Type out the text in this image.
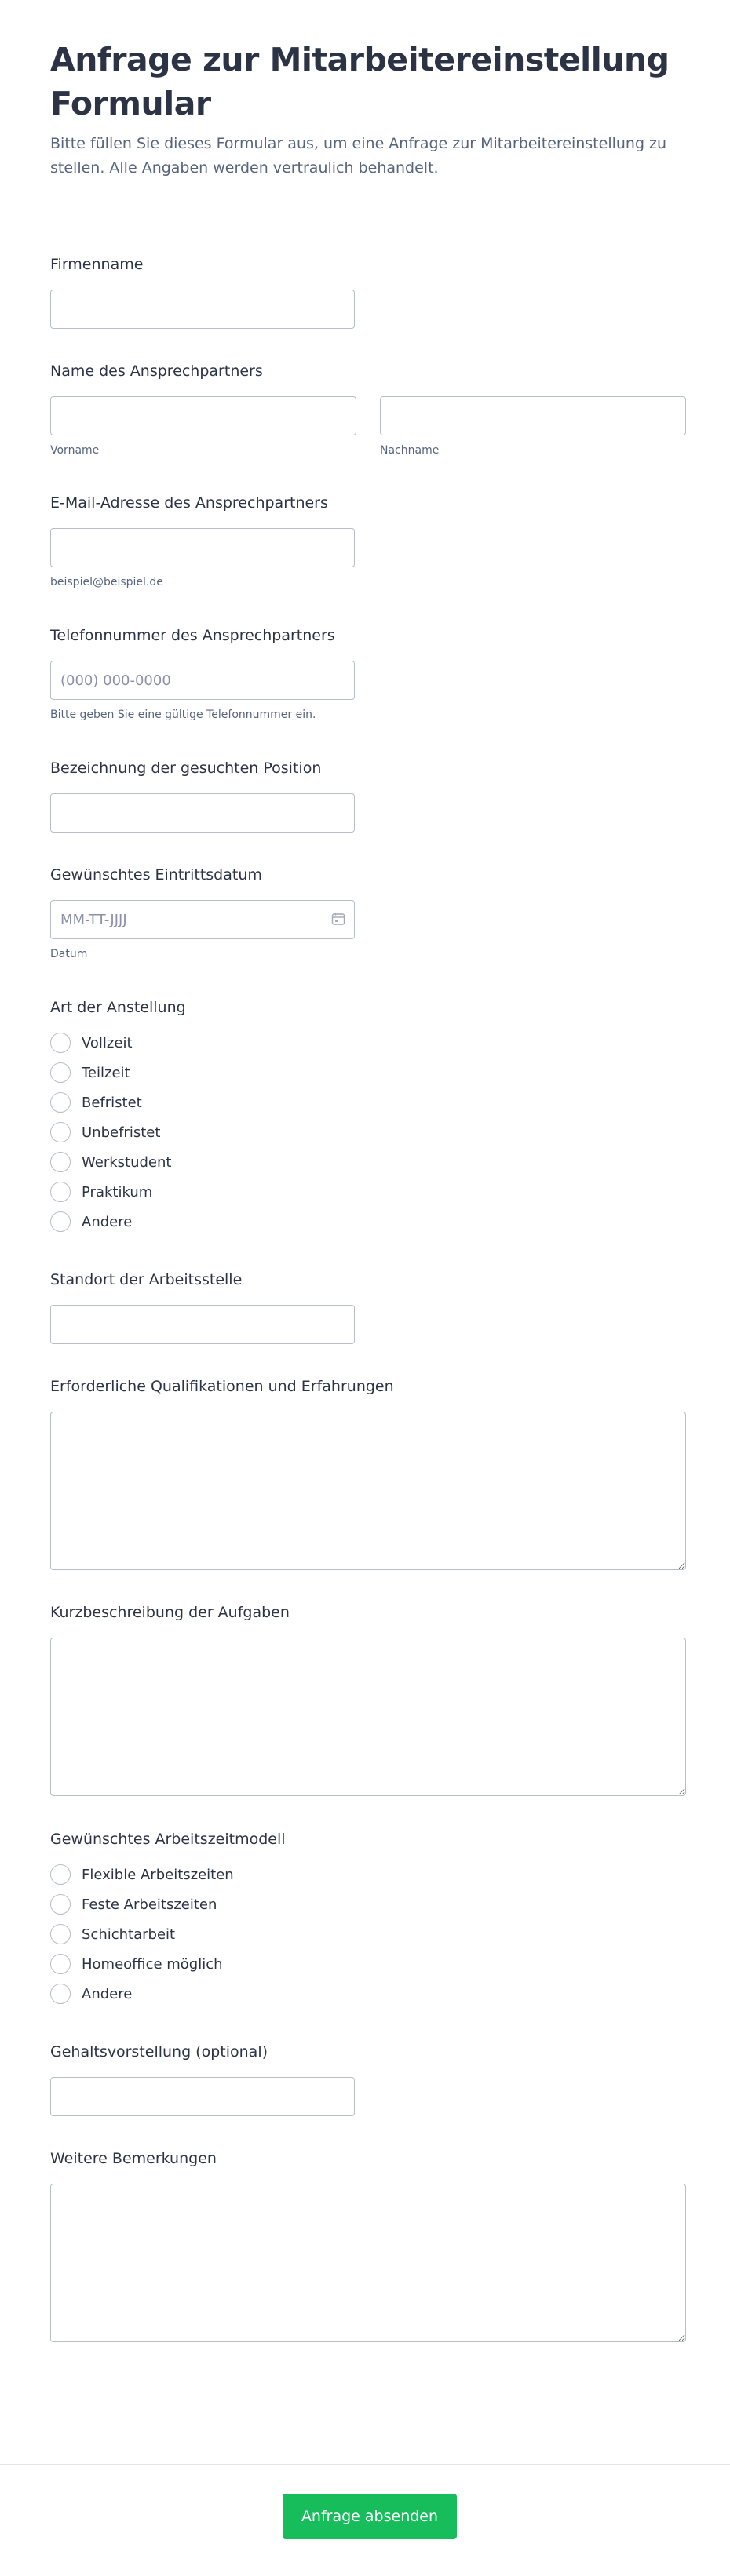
Anfrage zur Mitarbeitereinstellung Formular

Bitte füllen Sie dieses Formular aus, um eine Anfrage zur Mitarbeitereinstellung zu stellen. Alle Angaben werden vertraulich behandelt.

Firmenname
Name des Ansprechpartners
Vorname	Nachname
E-Mail-Adresse des Ansprechpartners
beispiel@beispiel.de
Telefonnummer des Ansprechpartners
(000) 000-0000
Bitte geben Sie eine gültige Telefonnummer ein.
Bezeichnung der gesuchten Position
Gewünschtes Eintrittsdatum
MM-TT-JJJJ
Datum
Art der Anstellung
Vollzeit
Teilzeit
Befristet
Unbefristet
Werkstudent
Praktikum
Andere
Standort der Arbeitsstelle
Erforderliche Qualifikationen und Erfahrungen
Kurzbeschreibung der Aufgaben
Gewünschtes Arbeitszeitmodell
Flexible Arbeitszeiten
Feste Arbeitszeiten
Schichtarbeit
Homeoffice möglich
Andere
Gehaltsvorstellung (optional)
Weitere Bemerkungen
Anfrage absenden
